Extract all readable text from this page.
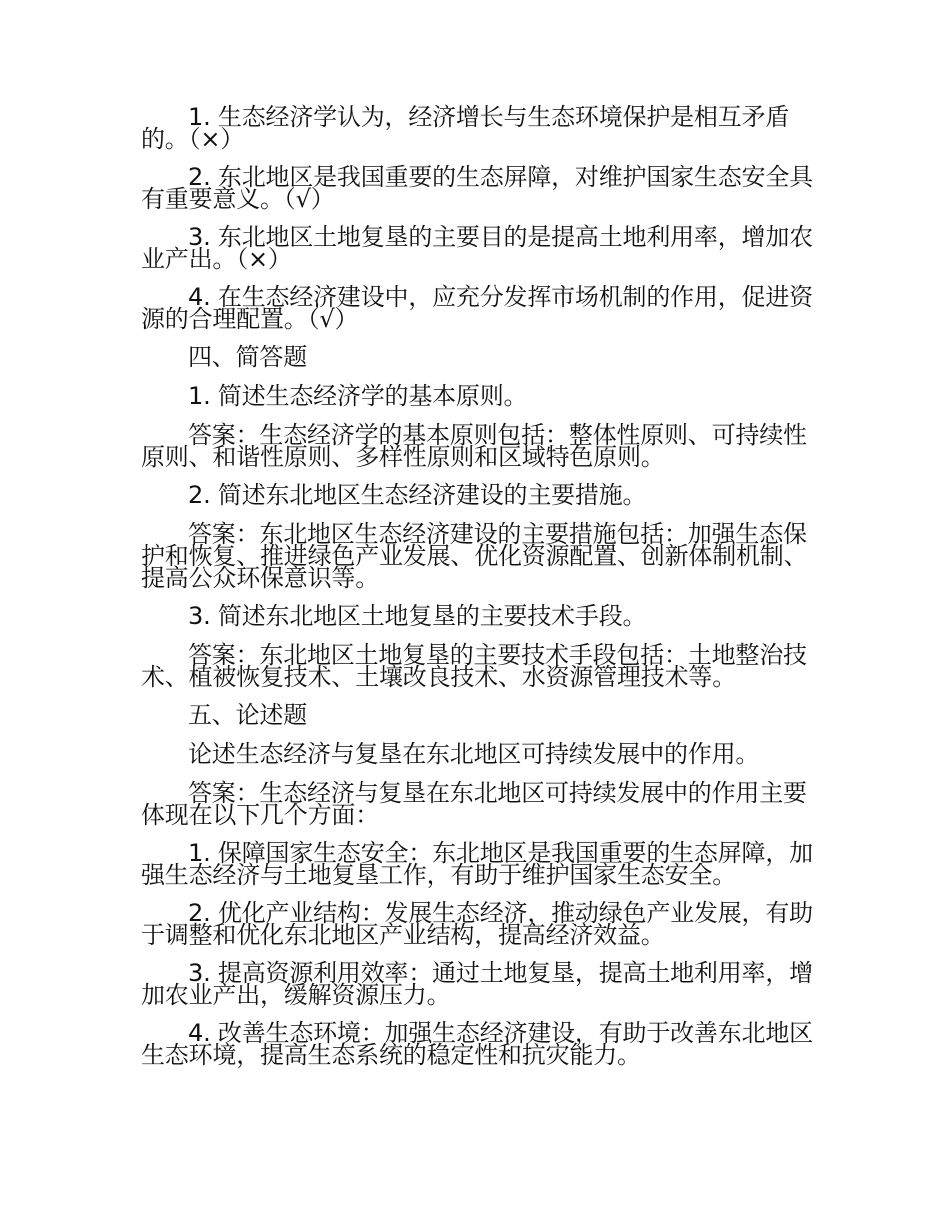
1. 生态经济学认为，经济增长与生态环境保护是相互矛盾的。（×）

2. 东北地区是我国重要的生态屏障，对维护国家生态安全具有重要意义。（√）

3. 东北地区土地复垦的主要目的是提高土地利用率，增加农业产出。（×）

4. 在生态经济建设中，应充分发挥市场机制的作用，促进资源的合理配置。（√）

四、简答题

1. 简述生态经济学的基本原则。

答案：生态经济学的基本原则包括：整体性原则、可持续性原则、和谐性原则、多样性原则和区域特色原则。

2. 简述东北地区生态经济建设的主要措施。

答案：东北地区生态经济建设的主要措施包括：加强生态保护和恢复、推进绿色产业发展、优化资源配置、创新体制机制、提高公众环保意识等。

3. 简述东北地区土地复垦的主要技术手段。

答案：东北地区土地复垦的主要技术手段包括：土地整治技术、植被恢复技术、土壤改良技术、水资源管理技术等。

五、论述题

论述生态经济与复垦在东北地区可持续发展中的作用。

答案：生态经济与复垦在东北地区可持续发展中的作用主要体现在以下几个方面：

1. 保障国家生态安全：东北地区是我国重要的生态屏障，加强生态经济与土地复垦工作，有助于维护国家生态安全。

2. 优化产业结构：发展生态经济，推动绿色产业发展，有助于调整和优化东北地区产业结构，提高经济效益。

3. 提高资源利用效率：通过土地复垦，提高土地利用率，增加农业产出，缓解资源压力。

4. 改善生态环境：加强生态经济建设，有助于改善东北地区生态环境，提高生态系统的稳定性和抗灾能力。
